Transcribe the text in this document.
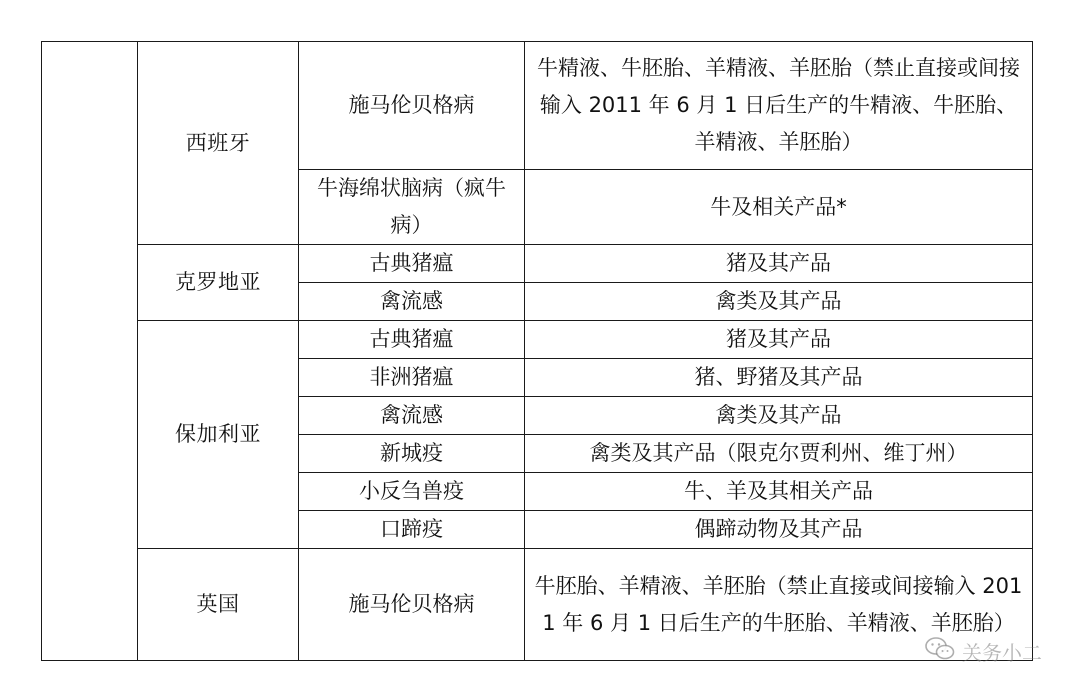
	西班牙	施马伦贝格病	牛精液、牛胚胎、羊精液、羊胚胎（禁止直接或间接输入 2011 年 6 月 1 日后生产的牛精液、牛胚胎、羊精液、羊胚胎）
		牛海绵状脑病（疯牛病）	牛及相关产品*
	克罗地亚	古典猪瘟	猪及其产品
		禽流感	禽类及其产品
	保加利亚	古典猪瘟	猪及其产品
		非洲猪瘟	猪、野猪及其产品
		禽流感	禽类及其产品
		新城疫	禽类及其产品（限克尔贾利州、维丁州）
		小反刍兽疫	牛、羊及其相关产品
		口蹄疫	偶蹄动物及其产品
	英国	施马伦贝格病	牛胚胎、羊精液、羊胚胎（禁止直接或间接输入 2011 年 6 月 1 日后生产的牛胚胎、羊精液、羊胚胎）
关务小二
